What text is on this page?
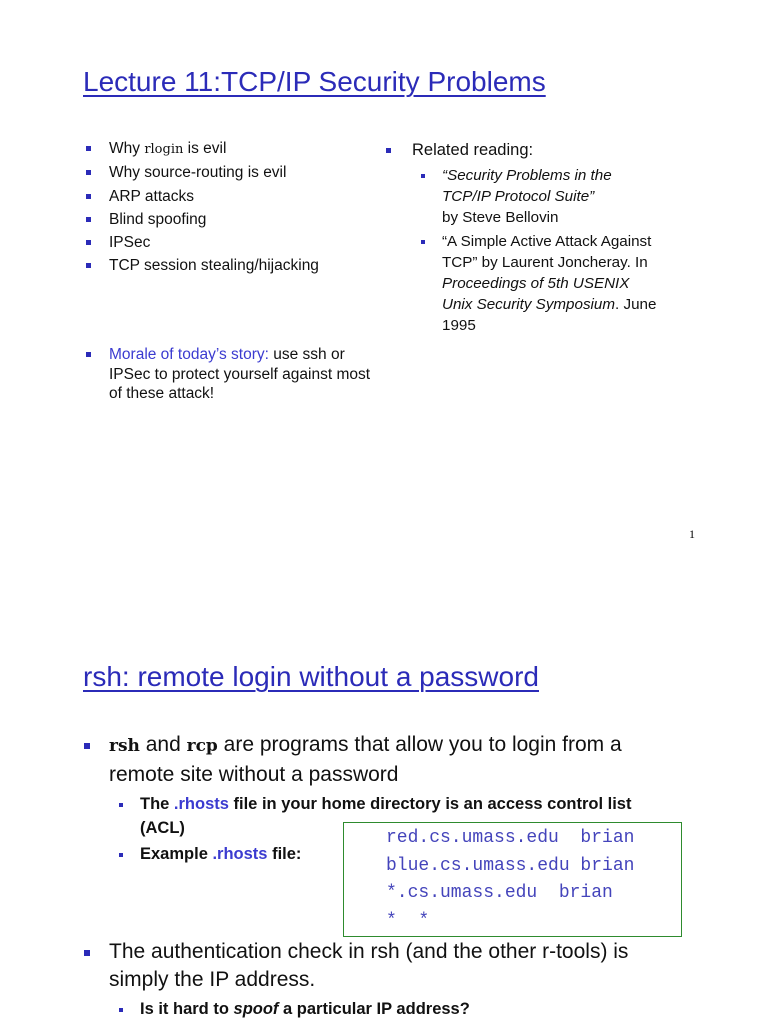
Lecture 11:TCP/IP Security Problems
Why rlogin is evil
Why source-routing is evil
ARP attacks
Blind spoofing
IPSec
TCP session stealing/hijacking
Morale of today’s story: use ssh or IPSec to protect yourself against most of these attack!
Related reading:
“Security Problems in the TCP/IP Protocol Suite”
by Steve Bellovin
“A Simple Active Attack Against TCP” by Laurent Joncheray. In Proceedings of 5th USENIX Unix Security Symposium. June 1995
1
rsh: remote login without a password
rsh and rcp are programs that allow you to login from a remote site without a password
The .rhosts file in your home directory is an access control list (ACL)
Example .rhosts file:
red.cs.umass.edu  brian
blue.cs.umass.edu brian
*.cs.umass.edu  brian
*  *
The authentication check in rsh (and the other r-tools) is simply the IP address.
Is it hard to spoof a particular IP address?
